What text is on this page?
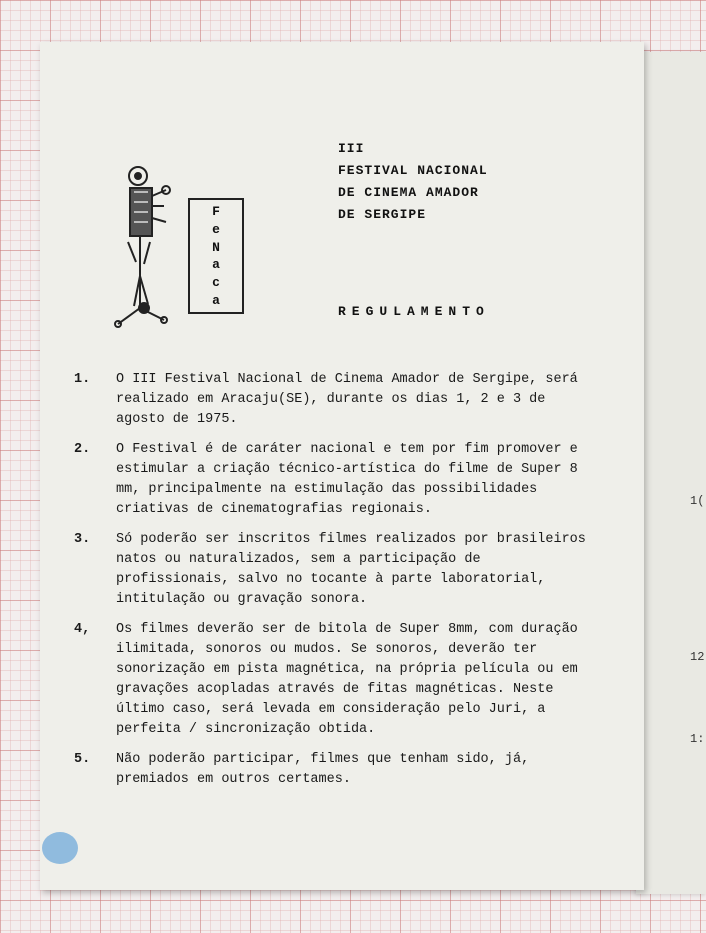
1(
12
1:
F
e
N
a
c
a
III
FESTIVAL NACIONAL
DE CINEMA AMADOR
DE SERGIPE
REGULAMENTO
1.	O III Festival Nacional de Cinema Amador de Sergipe, será realizado em Aracaju(SE), durante os dias 1, 2 e 3 de agosto de 1975.
2.	O Festival é de caráter nacional e tem por fim promover e estimular a criação técnico-artística do filme de Super 8 mm, principalmente na estimulação das possibilidades criativas de cinematografias regionais.
3.	Só poderão ser inscritos filmes realizados por brasileiros natos ou naturalizados, sem a participação de profissionais, salvo no tocante à parte laboratorial, intitulação ou gravação sonora.
4,	Os filmes deverão ser de bitola de Super 8mm, com duração ilimitada, sonoros ou mudos. Se sonoros, deverão ter sonorização em pista magnética, na própria película ou em gravações acopladas através de fitas magnéticas. Neste último caso, será levada em consideração pelo Juri, a perfeita / sincronização obtida.
5.	Não poderão participar, filmes que tenham sido, já, premiados em outros certames.
